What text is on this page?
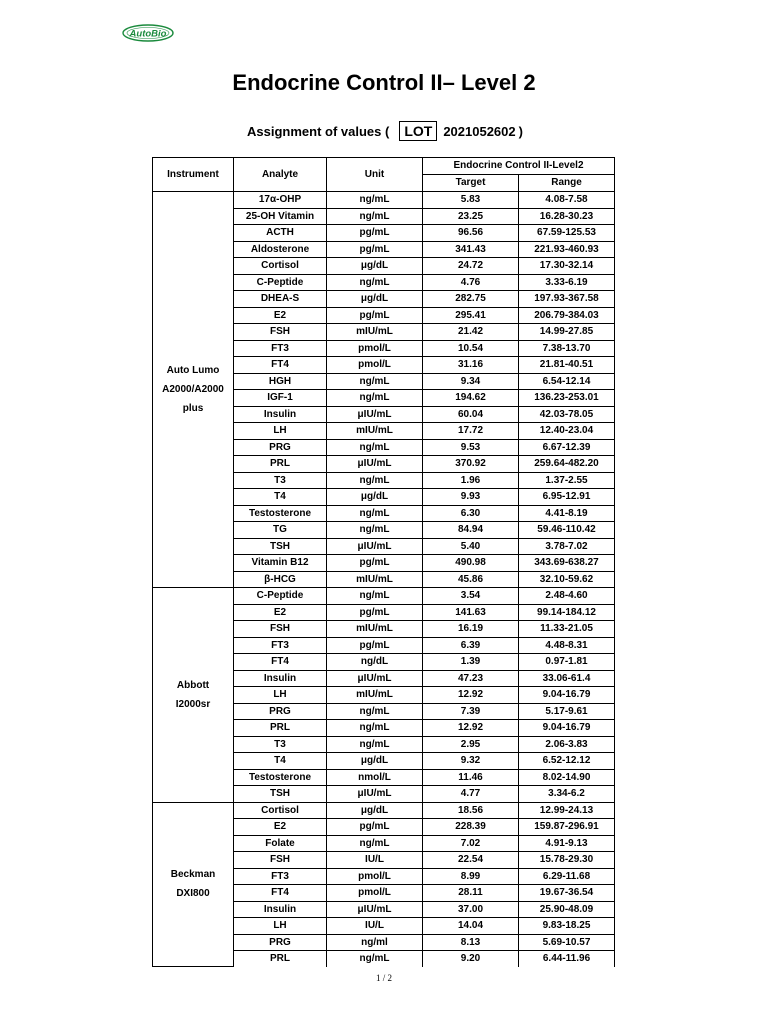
AutoBio
Endocrine Control II– Level 2
Assignment of values (	LOT 2021052602 )
Instrument	Analyte	Unit	Endocrine Control II-Level2	
			Target	Range

Auto Lumo
A2000/A2000
plus	17α-OHP	ng/mL	5.83	4.08-7.58
	25-OH Vitamin	ng/mL	23.25	16.28-30.23
	ACTH	pg/mL	96.56	67.59-125.53
	Aldosterone	pg/mL	341.43	221.93-460.93
	Cortisol	μg/dL	24.72	17.30-32.14
	C-Peptide	ng/mL	4.76	3.33-6.19
	DHEA-S	μg/dL	282.75	197.93-367.58
	E2	pg/mL	295.41	206.79-384.03
	FSH	mIU/mL	21.42	14.99-27.85
	FT3	pmol/L	10.54	7.38-13.70
	FT4	pmol/L	31.16	21.81-40.51
	HGH	ng/mL	9.34	6.54-12.14
	IGF-1	ng/mL	194.62	136.23-253.01
	Insulin	μIU/mL	60.04	42.03-78.05
	LH	mIU/mL	17.72	12.40-23.04
	PRG	ng/mL	9.53	6.67-12.39
	PRL	μIU/mL	370.92	259.64-482.20
	T3	ng/mL	1.96	1.37-2.55
	T4	μg/dL	9.93	6.95-12.91
	Testosterone	ng/mL	6.30	4.41-8.19
	TG	ng/mL	84.94	59.46-110.42
	TSH	μIU/mL	5.40	3.78-7.02
	Vitamin B12	pg/mL	490.98	343.69-638.27
	β-HCG	mIU/mL	45.86	32.10-59.62

Abbott
I2000sr	C-Peptide	ng/mL	3.54	2.48-4.60
	E2	pg/mL	141.63	99.14-184.12
	FSH	mIU/mL	16.19	11.33-21.05
	FT3	pg/mL	6.39	4.48-8.31
	FT4	ng/dL	1.39	0.97-1.81
	Insulin	μIU/mL	47.23	33.06-61.4
	LH	mIU/mL	12.92	9.04-16.79
	PRG	ng/mL	7.39	5.17-9.61
	PRL	ng/mL	12.92	9.04-16.79
	T3	ng/mL	2.95	2.06-3.83
	T4	μg/dL	9.32	6.52-12.12
	Testosterone	nmol/L	11.46	8.02-14.90
	TSH	μIU/mL	4.77	3.34-6.2

Beckman
DXI800	Cortisol	μg/dL	18.56	12.99-24.13
	E2	pg/mL	228.39	159.87-296.91
	Folate	ng/mL	7.02	4.91-9.13
	FSH	IU/L	22.54	15.78-29.30
	FT3	pmol/L	8.99	6.29-11.68
	FT4	pmol/L	28.11	19.67-36.54
	Insulin	μIU/mL	37.00	25.90-48.09
	LH	IU/L	14.04	9.83-18.25
	PRG	ng/ml	8.13	5.69-10.57
	PRL	ng/mL	9.20	6.44-11.96
1 / 2
